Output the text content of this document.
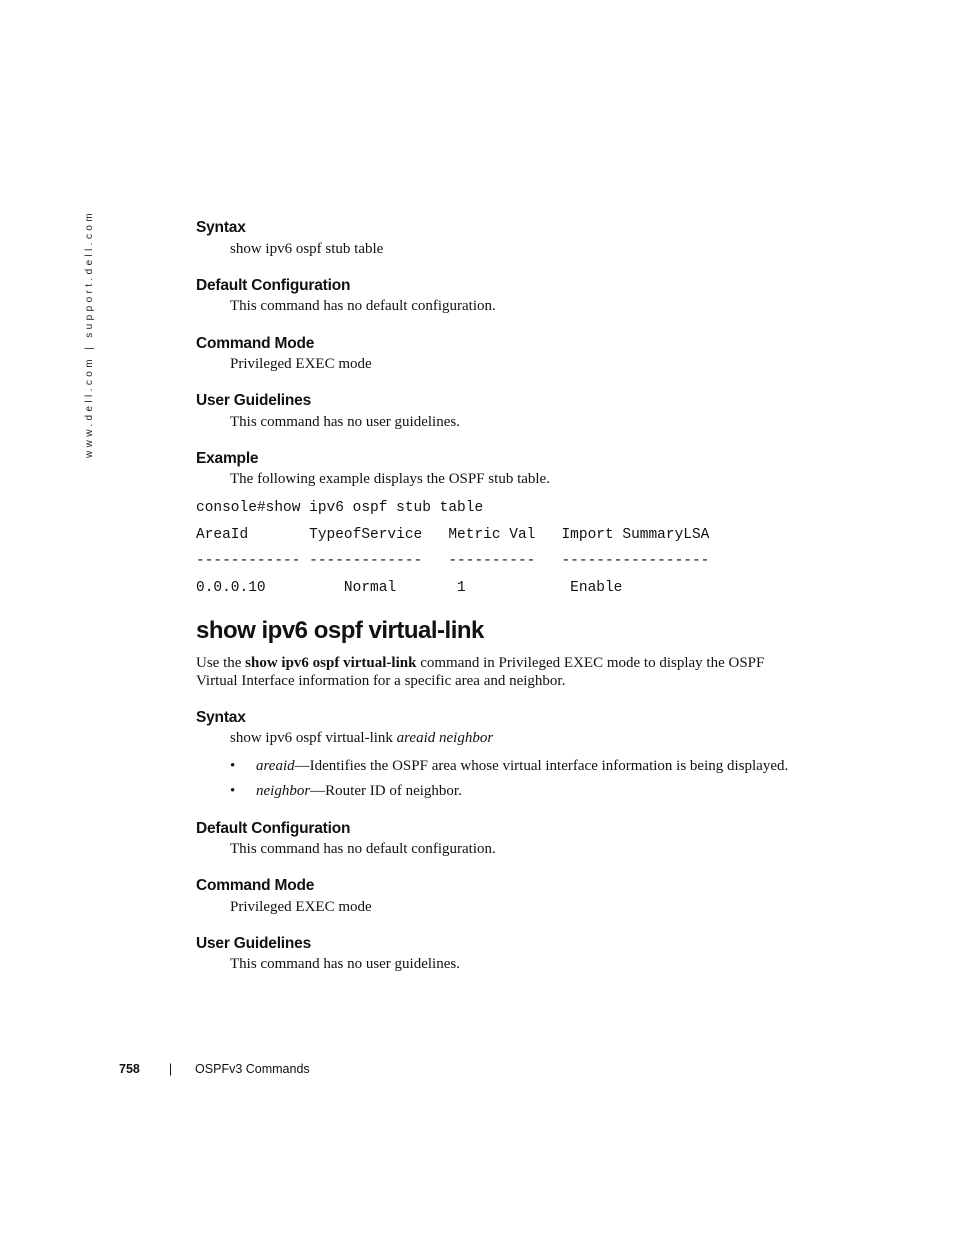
www.dell.com | support.dell.com	Syntax
show ipv6 ospf stub table
Default Configuration
This command has no default configuration.
Command Mode
Privileged EXEC mode
User Guidelines
This command has no user guidelines.
Example
The following example displays the OSPF stub table.
console#show ipv6 ospf stub table
AreaId       TypeofService   Metric Val   Import SummaryLSA
------------ -------------   ----------   -----------------
0.0.0.10         Normal       1            Enable
show ipv6 ospf virtual-link
Use the show ipv6 ospf virtual-link command in Privileged EXEC mode to display the OSPF Virtual Interface information for a specific area and neighbor.
Syntax
show ipv6 ospf virtual-link areaid neighbor
• areaid—Identifies the OSPF area whose virtual interface information is being displayed.
• neighbor—Router ID of neighbor.
Default Configuration
This command has no default configuration.
Command Mode
Privileged EXEC mode
User Guidelines
This command has no user guidelines.
758 | OSPFv3 Commands
